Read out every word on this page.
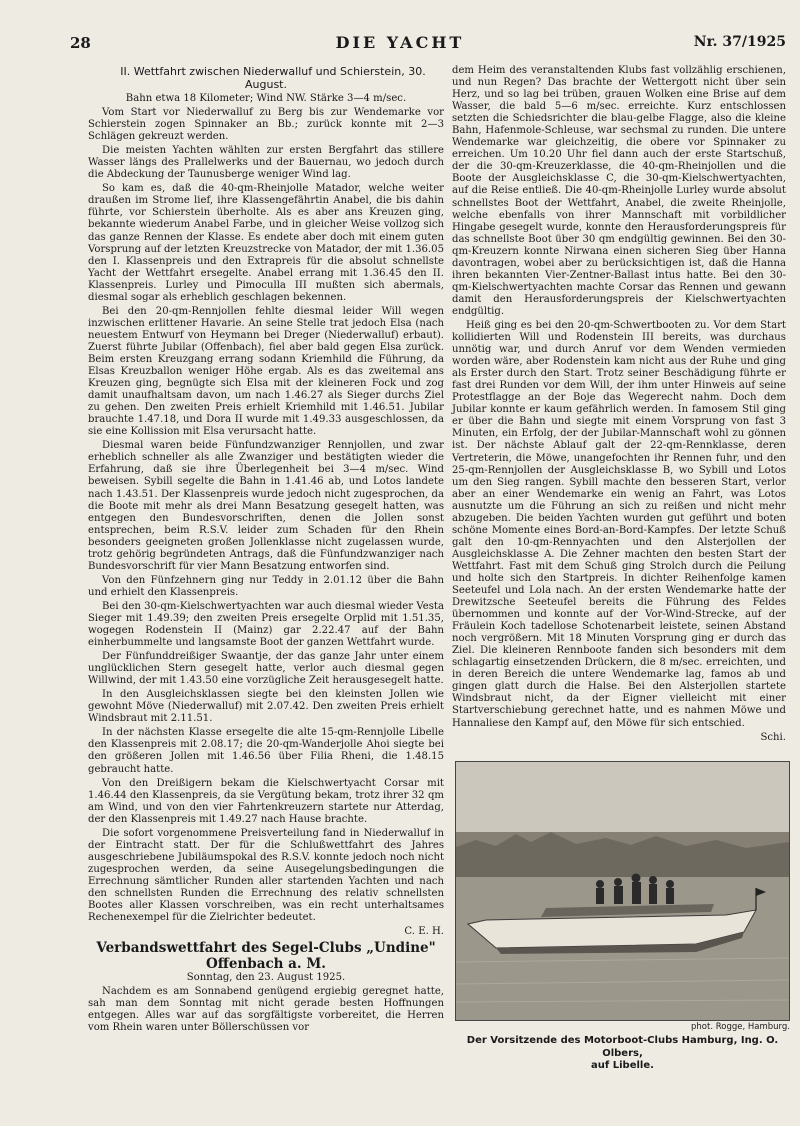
28	DIE YACHT	Nr. 37/1925

II. Wettfahrt zwischen Niederwalluf und Schierstein, 30. August.

Bahn etwa 18 Kilometer; Wind NW. Stärke 3—4 m/sec.

Vom Start vor Niederwalluf zu Berg bis zur Wendemarke vor Schierstein zogen Spinnaker an Bb.; zurück konnte mit 2—3 Schlägen gekreuzt werden.

Die meisten Yachten wählten zur ersten Bergfahrt das stillere Wasser längs des Prallelwerks und der Bauernau, wo jedoch durch die Abdeckung der Taunusberge weniger Wind lag.

So kam es, daß die 40-qm-Rheinjolle Matador, welche weiter draußen im Strome lief, ihre Klassengefährtin Anabel, die bis dahin führte, vor Schierstein überholte. Als es aber ans Kreuzen ging, bekannte wiederum Anabel Farbe, und in gleicher Weise vollzog sich das ganze Rennen der Klasse. Es endete aber doch mit einem guten Vorsprung auf der letzten Kreuzstrecke von Matador, der mit 1.36.05 den I. Klassenpreis und den Extrapreis für die absolut schnellste Yacht der Wettfahrt ersegelte. Anabel errang mit 1.36.45 den II. Klassenpreis. Lurley und Pimoculla III mußten sich abermals, diesmal sogar als erheblich geschlagen bekennen.

Bei den 20-qm-Rennjollen fehlte diesmal leider Will wegen inzwischen erlittener Havarie. An seine Stelle trat jedoch Elsa (nach neuestem Entwurf von Heymann bei Dreger (Niederwalluf) erbaut). Zuerst führte Jubilar (Offenbach), fiel aber bald gegen Elsa zurück. Beim ersten Kreuzgang errang sodann Kriemhild die Führung, da Elsas Kreuzballon weniger Höhe ergab. Als es das zweitemal ans Kreuzen ging, begnügte sich Elsa mit der kleineren Fock und zog damit unaufhaltsam davon, um nach 1.46.27 als Sieger durchs Ziel zu gehen. Den zweiten Preis erhielt Kriemhild mit 1.46.51. Jubilar brauchte 1.47.18, und Dora II wurde mit 1.49.33 ausgeschlossen, da sie eine Kollission mit Elsa verursacht hatte.

Diesmal waren beide Fünfundzwanziger Rennjollen, und zwar erheblich schneller als alle Zwanziger und bestätigten wieder die Erfahrung, daß sie ihre Überlegenheit bei 3—4 m/sec. Wind beweisen. Sybill segelte die Bahn in 1.41.46 ab, und Lotos landete nach 1.43.51. Der Klassenpreis wurde jedoch nicht zugesprochen, da die Boote mit mehr als drei Mann Besatzung gesegelt hatten, was entgegen den Bundesvorschriften, denen die Jollen sonst entsprechen, beim R.S.V. leider zum Schaden für den Rhein besonders geeigneten großen Jollenklasse nicht zugelassen wurde, trotz gehörig begründeten Antrags, daß die Fünfundzwanziger nach Bundesvorschrift für vier Mann Besatzung entworfen sind.

Von den Fünfzehnern ging nur Teddy in 2.01.12 über die Bahn und erhielt den Klassenpreis.

Bei den 30-qm-Kielschwertyachten war auch diesmal wieder Vesta Sieger mit 1.49.39; den zweiten Preis ersegelte Orplid mit 1.51.35, wogegen Rodenstein II (Mainz) gar 2.22.47 auf der Bahn einherbummelte und langsamste Boot der ganzen Wettfahrt wurde.

Der Fünfunddreißiger Swaantje, der das ganze Jahr unter einem unglücklichen Stern gesegelt hatte, verlor auch diesmal gegen Willwind, der mit 1.43.50 eine vorzügliche Zeit herausgesegelt hatte.

In den Ausgleichsklassen siegte bei den kleinsten Jollen wie gewohnt Möve (Niederwalluf) mit 2.07.42. Den zweiten Preis erhielt Windsbraut mit 2.11.51.

In der nächsten Klasse ersegelte die alte 15-qm-Rennjolle Libelle den Klassenpreis mit 2.08.17; die 20-qm-Wanderjolle Ahoi siegte bei den größeren Jollen mit 1.46.56 über Filia Rheni, die 1.48.15 gebraucht hatte.

Von den Dreißigern bekam die Kielschwertyacht Corsar mit 1.46.44 den Klassenpreis, da sie Vergütung bekam, trotz ihrer 32 qm am Wind, und von den vier Fahrtenkreuzern startete nur Atterdag, der den Klassenpreis mit 1.49.27 nach Hause brachte.

Die sofort vorgenommene Preisverteilung fand in Niederwalluf in der Eintracht statt. Der für die Schlußwettfahrt des Jahres ausgeschriebene Jubiläumspokal des R.S.V. konnte jedoch noch nicht zugesprochen werden, da seine Ausegelungsbedingungen die Errechnung sämtlicher Runden aller startenden Yachten und nach den schnellsten Runden die Errechnung des relativ schnellsten Bootes aller Klassen vorschreiben, was ein recht unterhaltsames Rechenexempel für die Zielrichter bedeutet.

C. E. H.

Verbandswettfahrt des Segel-Clubs „Undine"

Offenbach a. M.

Sonntag, den 23. August 1925.

Nachdem es am Sonnabend genügend ergiebig geregnet hatte, sah man dem Sonntag mit nicht gerade besten Hoffnungen entgegen. Alles war auf das sorgfältigste vorbereitet, die Herren vom Rhein waren unter Böllerschüssen vor

dem Heim des veranstaltenden Klubs fast vollzählig erschienen, und nun Regen? Das brachte der Wettergott nicht über sein Herz, und so lag bei trüben, grauen Wolken eine Brise auf dem Wasser, die bald 5—6 m/sec. erreichte. Kurz entschlossen setzten die Schiedsrichter die blau-gelbe Flagge, also die kleine Bahn, Hafenmole-Schleuse, war sechsmal zu runden. Die untere Wendemarke war gleichzeitig, die obere vor Spinnaker zu erreichen. Um 10.20 Uhr fiel dann auch der erste Startschuß, der die 30-qm-Kreuzerklasse, die 40-qm-Rheinjollen und die Boote der Ausgleichsklasse C, die 30-qm-Kielschwertyachten, auf die Reise entließ. Die 40-qm-Rheinjolle Lurley wurde absolut schnellstes Boot der Wettfahrt, Anabel, die zweite Rheinjolle, welche ebenfalls von ihrer Mannschaft mit vorbildlicher Hingabe gesegelt wurde, konnte den Herausforderungspreis für das schnellste Boot über 30 qm endgültig gewinnen. Bei den 30-qm-Kreuzern konnte Nirwana einen sicheren Sieg über Hanna davontragen, wobei aber zu berücksichtigen ist, daß die Hanna ihren bekannten Vier-Zentner-Ballast intus hatte. Bei den 30-qm-Kielschwertyachten machte Corsar das Rennen und gewann damit den Herausforderungspreis der Kielschwertyachten endgültig.

Heiß ging es bei den 20-qm-Schwertbooten zu. Vor dem Start kollidierten Will und Rodenstein III bereits, was durchaus unnötig war, und durch Anruf vor dem Wenden vermieden worden wäre, aber Rodenstein kam nicht aus der Ruhe und ging als Erster durch den Start. Trotz seiner Beschädigung führte er fast drei Runden vor dem Will, der ihm unter Hinweis auf seine Protestflagge an der Boje das Wegerecht nahm. Doch dem Jubilar konnte er kaum gefährlich werden. In famosem Stil ging er über die Bahn und siegte mit einem Vorsprung von fast 3 Minuten, ein Erfolg, der der Jubilar-Mannschaft wohl zu gönnen ist. Der nächste Ablauf galt der 22-qm-Rennklasse, deren Vertreterin, die Möwe, unangefochten ihr Rennen fuhr, und den 25-qm-Rennjollen der Ausgleichsklasse B, wo Sybill und Lotos um den Sieg rangen. Sybill machte den besseren Start, verlor aber an einer Wendemarke ein wenig an Fahrt, was Lotos ausnutzte um die Führung an sich zu reißen und nicht mehr abzugeben. Die beiden Yachten wurden gut geführt und boten schöne Momente eines Bord-an-Bord-Kampfes. Der letzte Schuß galt den 10-qm-Rennyachten und den Alsterjollen der Ausgleichsklasse A. Die Zehner machten den besten Start der Wettfahrt. Fast mit dem Schuß ging Strolch durch die Peilung und holte sich den Startpreis. In dichter Reihenfolge kamen Seeteufel und Lola nach. An der ersten Wendemarke hatte der Drewitzsche Seeteufel bereits die Führung des Feldes übernommen und konnte auf der Vor-Wind-Strecke, auf der Fräulein Koch tadellose Schotenarbeit leistete, seinen Abstand noch vergrößern. Mit 18 Minuten Vorsprung ging er durch das Ziel. Die kleineren Rennboote fanden sich besonders mit dem schlagartig einsetzenden Drückern, die 8 m/sec. erreichten, und in deren Bereich die untere Wendemarke lag, famos ab und gingen glatt durch die Halse. Bei den Alsterjollen startete Windsbraut nicht, da der Eigner vielleicht mit einer Startverschiebung gerechnet hatte, und es nahmen Möwe und Hannaliese den Kampf auf, den Möwe für sich entschied.

Schi.

phot. Rogge, Hamburg.
Der Vorsitzende des Motorboot-Clubs Hamburg, Ing. O. Olbers,
auf Libelle.
